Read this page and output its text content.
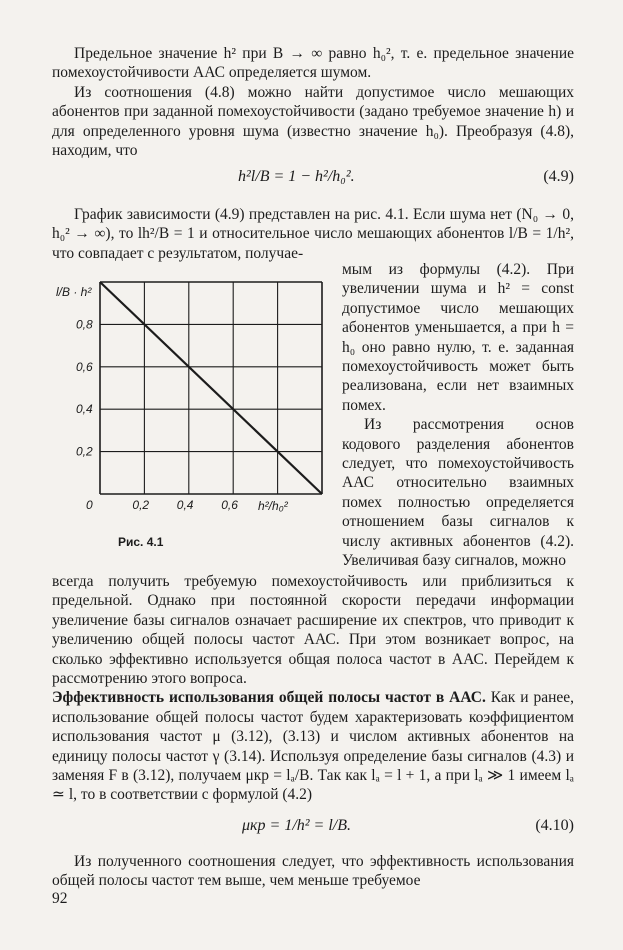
Предельное значение h² при B → ∞ равно h₀², т. е. предельное значение помехоустойчивости ААС определяется шумом.

Из соотношения (4.8) можно найти допустимое число мешающих абонентов при заданной помехоустойчивости (задано требуемое значение h) и для определенного уровня шума (известно значение h₀). Преобразуя (4.8), находим, что

h²l/B = 1 − h²/h₀².	(4.9)

График зависимости (4.9) представлен на рис. 4.1. Если шума нет (N₀ → 0, h₀² → ∞), то lh²/B = 1 и относительное число мешающих абонентов l/B = 1/h², что совпадает с результатом, получае-

0	0,2 0,4 0,6
0,2
0,4
0,6
0,8
l/B · h²
h²/h₀²
Рис. 4.1

мым из формулы (4.2). При увеличении шума и h² = const допустимое число мешающих абонентов уменьшается, а при h = h₀ оно равно нулю, т. е. заданная помехоустойчивость может быть реализована, если нет взаимных помех.

Из рассмотрения основ кодового разделения абонентов следует, что помехоустойчивость ААС относительно взаимных помех полностью определяется отношением базы сигналов к числу активных абонентов (4.2). Увеличивая базу сигналов, можно

всегда получить требуемую помехоустойчивость или приблизиться к предельной. Однако при постоянной скорости передачи информации увеличение базы сигналов означает расширение их спектров, что приводит к увеличению общей полосы частот ААС. При этом возникает вопрос, на сколько эффективно используется общая полоса частот в ААС. Перейдем к рассмотрению этого вопроса.

Эффективность использования общей полосы частот в ААС. Как и ранее, использование общей полосы частот будем характеризовать коэффициентом использования частот μ (3.12), (3.13) и числом активных абонентов на единицу полосы частот γ (3.14). Используя определение базы сигналов (4.3) и заменяя F в (3.12), получаем μкр = lₐ/B. Так как lₐ = l + 1, а при lₐ ≫ 1 имеем lₐ ≃ l, то в соответствии с формулой (4.2)

μкр = 1/h² = l/B.	(4.10)

Из полученного соотношения следует, что эффективность использования общей полосы частот тем выше, чем меньше требуемое

92
